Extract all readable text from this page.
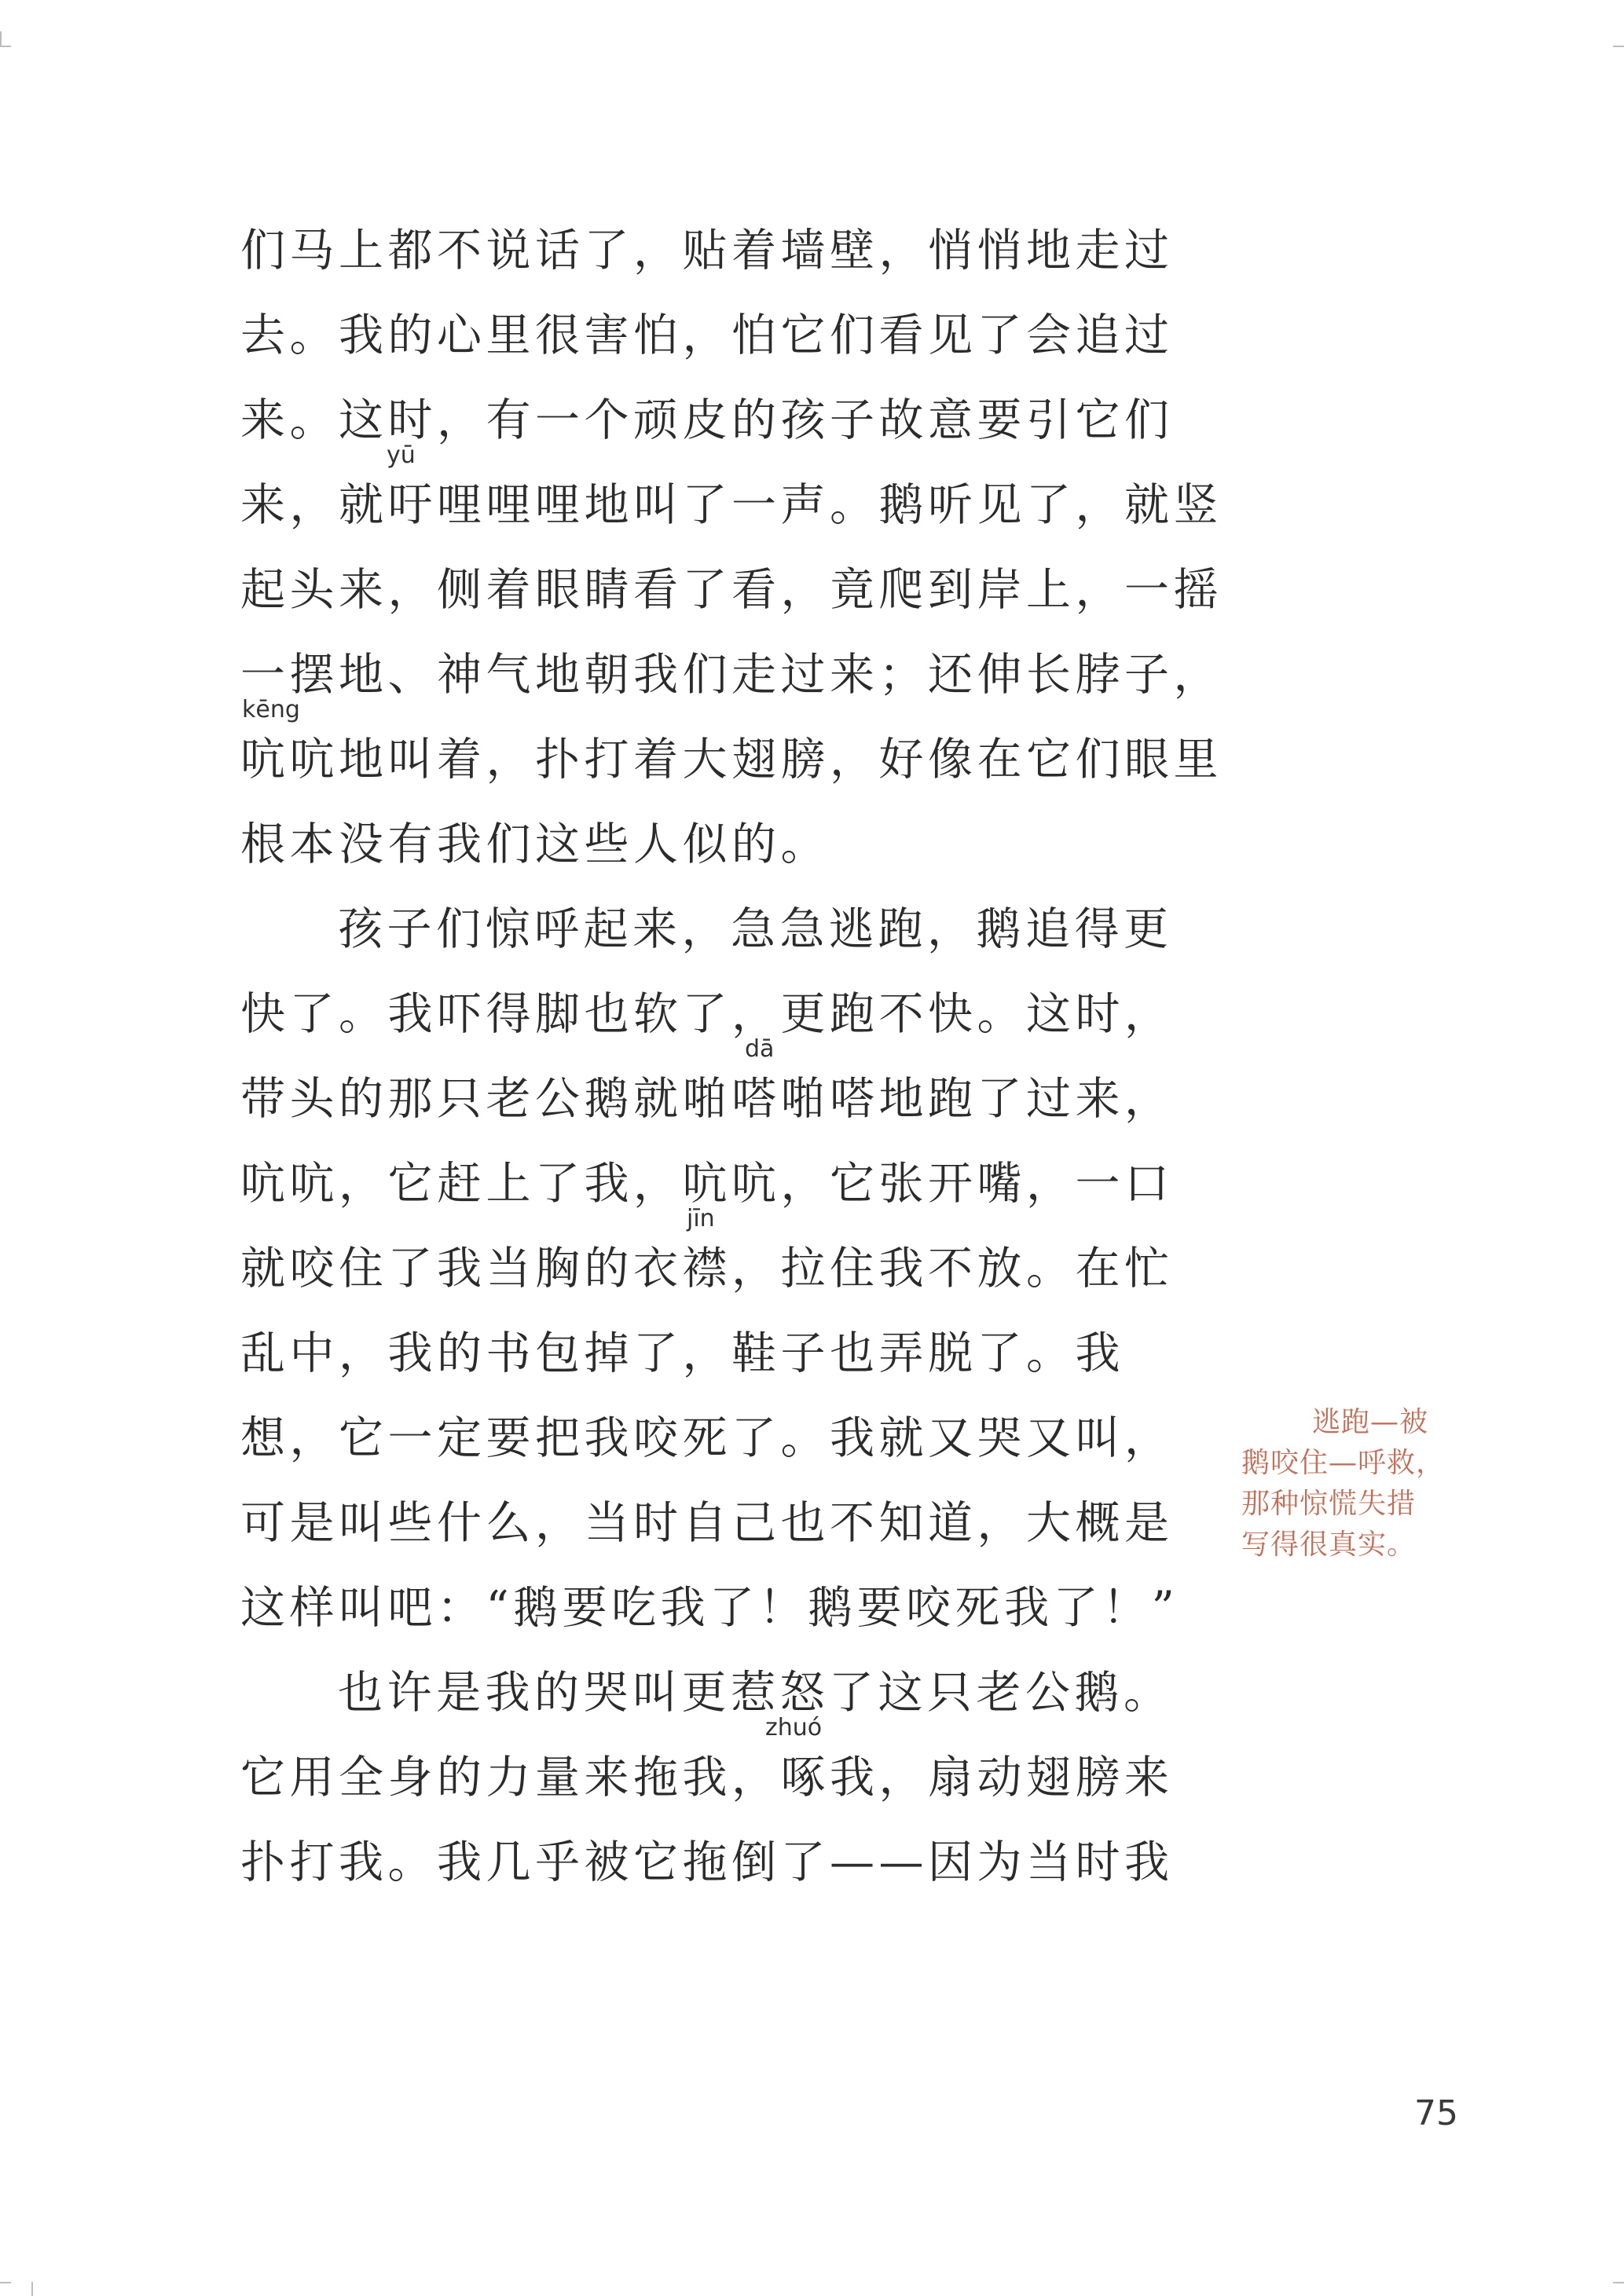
们马上都不说话了，贴着墙壁，悄悄地走过
去。我的心里很害怕，怕它们看见了会追过
来。这时，有一个顽皮的孩子故意要引它们
yū
来，就吁哩哩哩地叫了一声。鹅听见了，就竖
起头来，侧着眼睛看了看，竟爬到岸上，一摇
一摆地、神气地朝我们走过来；还伸长脖子，
kēng
吭吭地叫着，扑打着大翅膀，好像在它们眼里
根本没有我们这些人似的。
孩子们惊呼起来，急急逃跑，鹅追得更
快了。我吓得脚也软了，更跑不快。这时，
dā
带头的那只老公鹅就啪嗒啪嗒地跑了过来，
吭吭，它赶上了我，吭吭，它张开嘴，一口
jīn
就咬住了我当胸的衣襟，拉住我不放。在忙
乱中，我的书包掉了，鞋子也弄脱了。我
想，它一定要把我咬死了。我就又哭又叫，
可是叫些什么，当时自己也不知道，大概是
这样叫吧：“鹅要吃我了！鹅要咬死我了！”
也许是我的哭叫更惹怒了这只老公鹅。
zhuó
它用全身的力量来拖我，啄我，扇动翅膀来
扑打我。我几乎被它拖倒了——因为当时我
逃跑—被
鹅咬住—呼救，
那种惊慌失措
写得很真实。
75
